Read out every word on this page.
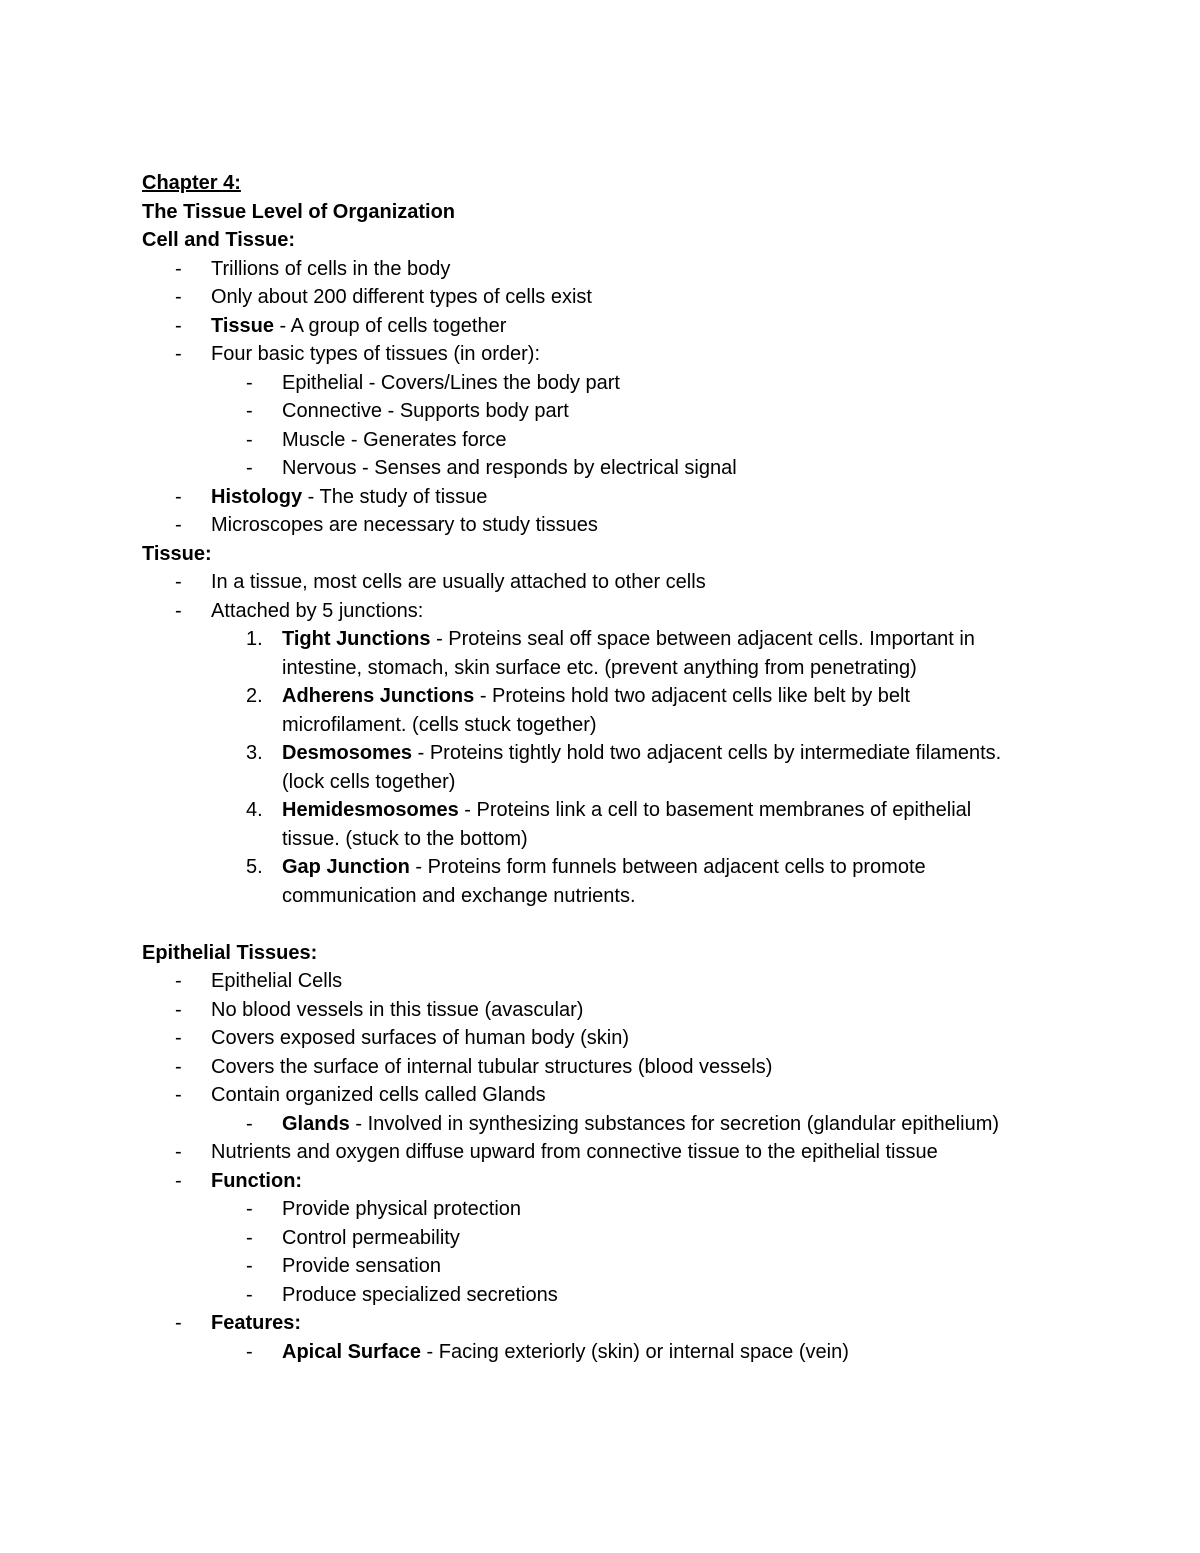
Chapter 4:
The Tissue Level of Organization
Cell and Tissue:
- Trillions of cells in the body
- Only about 200 different types of cells exist
- Tissue - A group of cells together
- Four basic types of tissues (in order):
- Epithelial - Covers/Lines the body part
- Connective - Supports body part
- Muscle - Generates force
- Nervous - Senses and responds by electrical signal
- Histology - The study of tissue
- Microscopes are necessary to study tissues
Tissue:
- In a tissue, most cells are usually attached to other cells
- Attached by 5 junctions:
1. Tight Junctions - Proteins seal off space between adjacent cells. Important in
intestine, stomach, skin surface etc. (prevent anything from penetrating)
2. Adherens Junctions - Proteins hold two adjacent cells like belt by belt
microfilament. (cells stuck together)
3. Desmosomes - Proteins tightly hold two adjacent cells by intermediate filaments.
(lock cells together)
4. Hemidesmosomes - Proteins link a cell to basement membranes of epithelial
tissue. (stuck to the bottom)
5. Gap Junction - Proteins form funnels between adjacent cells to promote
communication and exchange nutrients.
Epithelial Tissues:
- Epithelial Cells
- No blood vessels in this tissue (avascular)
- Covers exposed surfaces of human body (skin)
- Covers the surface of internal tubular structures (blood vessels)
- Contain organized cells called Glands
- Glands - Involved in synthesizing substances for secretion (glandular epithelium)
- Nutrients and oxygen diffuse upward from connective tissue to the epithelial tissue
- Function:
- Provide physical protection
- Control permeability
- Provide sensation
- Produce specialized secretions
- Features:
- Apical Surface - Facing exteriorly (skin) or internal space (vein)
